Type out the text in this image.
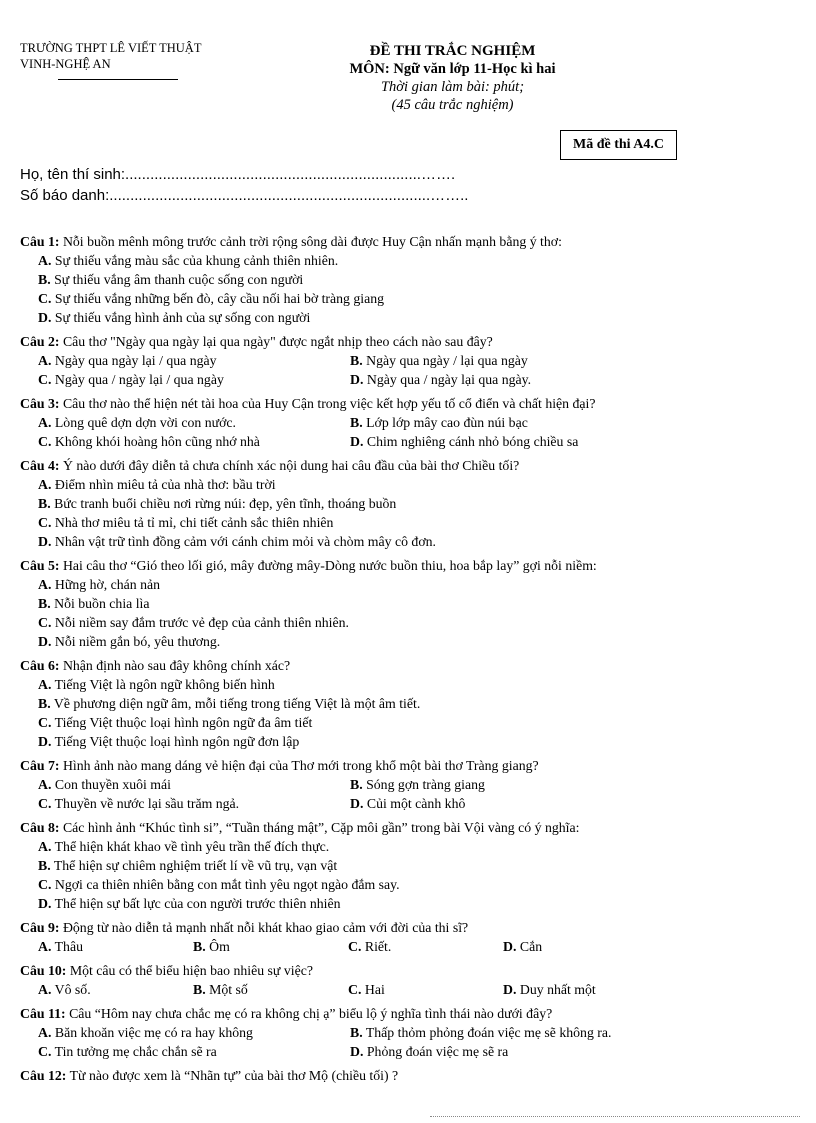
TRƯỜNG THPT LÊ VIẾT THUẬT
VINH-NGHỆ AN
ĐỀ THI TRẮC NGHIỆM
MÔN: Ngữ văn lớp 11-Học kì hai
Thời gian làm bài: phút;
(45 câu trắc nghiệm)
Mã đề thi A4.C
Họ, tên thí sinh:.......................................................................…….
Số báo danh:.............................................................................……..
Câu 1: Nỗi buồn mênh mông trước cảnh trời rộng sông dài được Huy Cận nhấn mạnh bằng ý thơ:
A. Sự thiếu vắng màu sắc của khung cảnh thiên nhiên.
B. Sự thiếu vắng âm thanh cuộc sống con người
C. Sự thiếu vắng những bến đò, cây cầu nối hai bờ tràng giang
D. Sự thiếu vắng hình ảnh của sự sống con người
Câu 2: Câu thơ "Ngày qua ngày lại qua ngày" được ngắt nhịp theo cách nào sau đây?
A. Ngày qua ngày lại / qua ngày	B. Ngày qua ngày / lại qua ngày
C. Ngày qua / ngày lại / qua ngày	D. Ngày qua / ngày lại qua ngày.
Câu 3: Câu thơ nào thể hiện nét tài hoa của Huy Cận trong việc kết hợp yếu tố cổ điển và chất hiện đại?
A. Lòng quê dợn dợn vời con nước.	B. Lớp lớp mây cao đùn núi bạc
C. Không khói hoàng hôn cũng nhớ nhà	D. Chim nghiêng cánh nhỏ bóng chiều sa
Câu 4: Ý nào dưới đây diễn tả chưa chính xác nội dung hai câu đầu của bài thơ Chiều tối?
A. Điểm nhìn miêu tả của nhà thơ: bầu trời
B. Bức tranh buổi chiều nơi rừng núi: đẹp, yên tĩnh, thoáng buồn
C. Nhà thơ miêu tả tỉ mỉ, chi tiết cảnh sắc thiên nhiên
D. Nhân vật trữ tình đồng cảm với cánh chim mỏi và chòm mây cô đơn.
Câu 5: Hai câu thơ “Gió theo lối gió, mây đường mây-Dòng nước buồn thiu, hoa bắp lay” gợi nỗi niềm:
A. Hững hờ, chán nản
B. Nỗi buồn chia lìa
C. Nỗi niềm say đắm trước vẻ đẹp của cảnh thiên nhiên.
D. Nỗi niềm gắn bó, yêu thương.
Câu 6: Nhận định nào sau đây không chính xác?
A. Tiếng Việt là ngôn ngữ không biến hình
B. Về phương diện ngữ âm, mỗi tiếng trong tiếng Việt là một âm tiết.
C. Tiếng Việt thuộc loại hình ngôn ngữ đa âm tiết
D. Tiếng Việt thuộc loại hình ngôn ngữ đơn lập
Câu 7: Hình ảnh nào mang dáng vẻ hiện đại của Thơ mới trong khổ một bài thơ Tràng giang?
A. Con thuyền xuôi mái	B. Sóng gợn tràng giang
C. Thuyền về nước lại sầu trăm ngả.	D. Củi một cành khô
Câu 8: Các hình ảnh “Khúc tình si”, “Tuần tháng mật”, Cặp môi gần” trong bài Vội vàng có ý nghĩa:
A. Thể hiện khát khao về tình yêu trần thế đích thực.
B. Thể hiện sự chiêm nghiệm triết lí về vũ trụ, vạn vật
C. Ngợi ca thiên nhiên bằng con mắt tình yêu ngọt ngào đắm say.
D. Thể hiện sự bất lực của con người trước thiên nhiên
Câu 9: Động từ nào diễn tả mạnh nhất nỗi khát khao giao cảm với đời của thi sĩ?
A. Thâu	B. Ôm	C. Riết.	D. Cắn
Câu 10: Một câu có thể biểu hiện bao nhiêu sự việc?
A. Vô số.	B. Một số	C. Hai	D. Duy nhất một
Câu 11: Câu “Hôm nay chưa chắc mẹ có ra không chị ạ” biểu lộ ý nghĩa tình thái nào dưới đây?
A. Băn khoăn việc mẹ có ra hay không	B. Thấp thỏm phỏng đoán việc mẹ sẽ không ra.
C. Tin tưởng mẹ chắc chắn sẽ ra	D. Phỏng đoán việc mẹ sẽ ra
Câu 12: Từ nào được xem là “Nhãn tự” của bài thơ Mộ (chiều tối) ?
